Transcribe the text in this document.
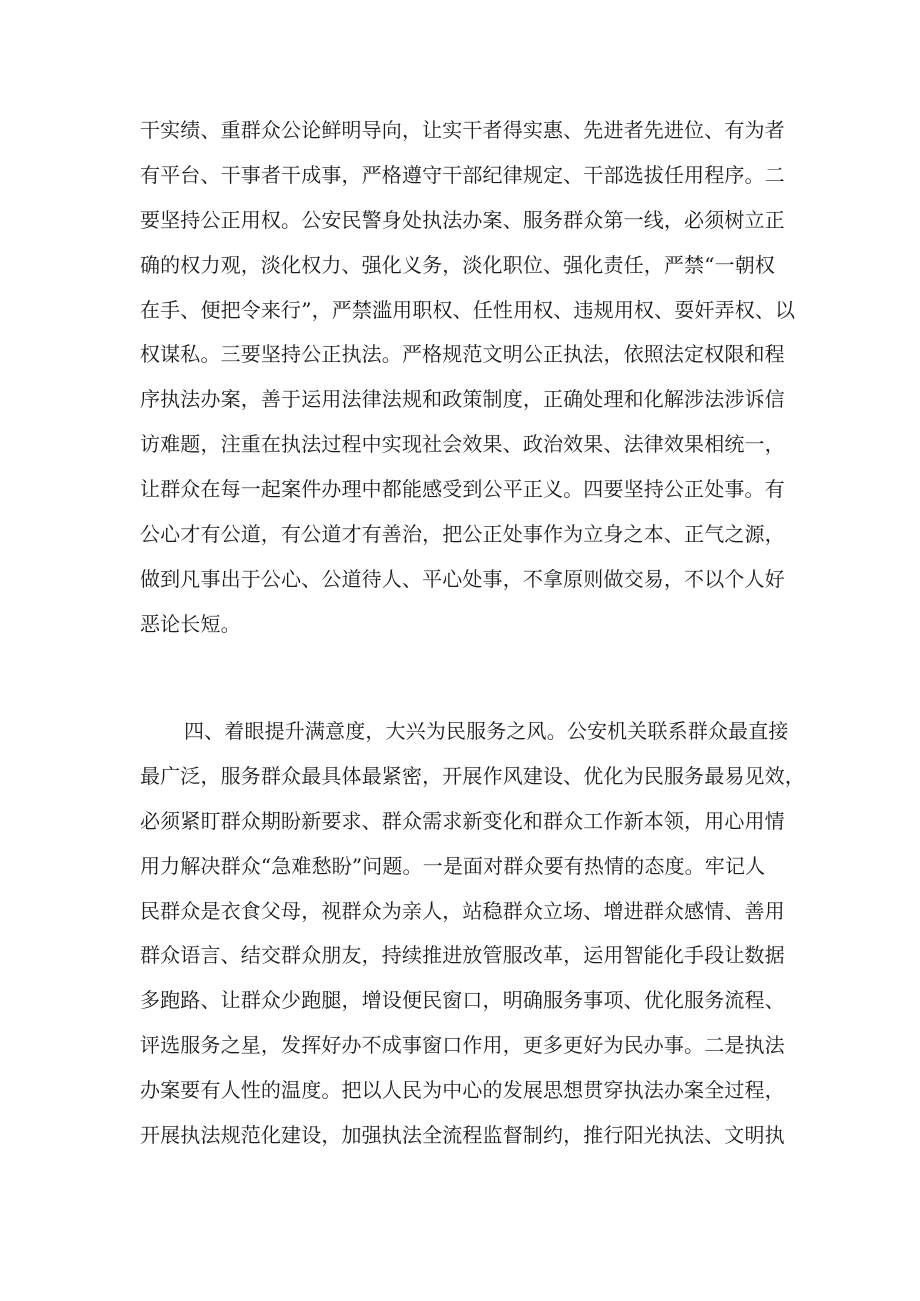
干实绩、重群众公论鲜明导向，让实干者得实惠、先进者先进位、有为者
有平台、干事者干成事，严格遵守干部纪律规定、干部选拔任用程序。二
要坚持公正用权。公安民警身处执法办案、服务群众第一线，必须树立正
确的权力观，淡化权力、强化义务，淡化职位、强化责任，严禁“一朝权
在手、便把令来行”，严禁滥用职权、任性用权、违规用权、耍奸弄权、以
权谋私。三要坚持公正执法。严格规范文明公正执法，依照法定权限和程
序执法办案，善于运用法律法规和政策制度，正确处理和化解涉法涉诉信
访难题，注重在执法过程中实现社会效果、政治效果、法律效果相统一，
让群众在每一起案件办理中都能感受到公平正义。四要坚持公正处事。有
公心才有公道，有公道才有善治，把公正处事作为立身之本、正气之源，
做到凡事出于公心、公道待人、平心处事，不拿原则做交易，不以个人好
恶论长短。
四、着眼提升满意度，大兴为民服务之风。公安机关联系群众最直接
最广泛，服务群众最具体最紧密，开展作风建设、优化为民服务最易见效，
必须紧盯群众期盼新要求、群众需求新变化和群众工作新本领，用心用情
用力解决群众“急难愁盼”问题。一是面对群众要有热情的态度。牢记人
民群众是衣食父母，视群众为亲人，站稳群众立场、增进群众感情、善用
群众语言、结交群众朋友，持续推进放管服改革，运用智能化手段让数据
多跑路、让群众少跑腿，增设便民窗口，明确服务事项、优化服务流程、
评选服务之星，发挥好办不成事窗口作用，更多更好为民办事。二是执法
办案要有人性的温度。把以人民为中心的发展思想贯穿执法办案全过程，
开展执法规范化建设，加强执法全流程监督制约，推行阳光执法、文明执
